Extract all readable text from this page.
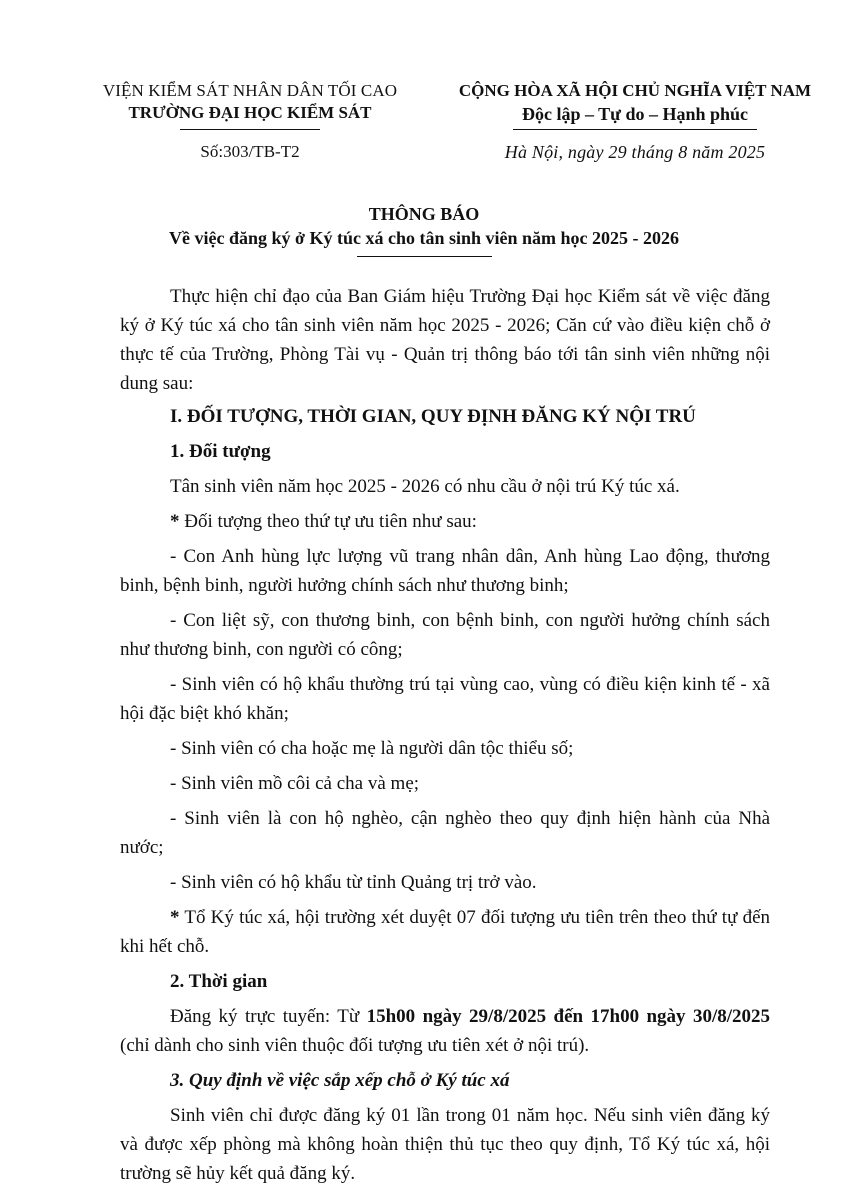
VIỆN KIỂM SÁT NHÂN DÂN TỐI CAO
TRƯỜNG ĐẠI HỌC KIỂM SÁT
Số:303/TB-T2
CỘNG HÒA XÃ HỘI CHỦ NGHĨA VIỆT NAM
Độc lập – Tự do – Hạnh phúc
Hà Nội, ngày 29 tháng 8 năm 2025
THÔNG BÁO
Về việc đăng ký ở Ký túc xá cho tân sinh viên năm học 2025 - 2026

Thực hiện chỉ đạo của Ban Giám hiệu Trường Đại học Kiểm sát về việc đăng ký ở Ký túc xá cho tân sinh viên năm học 2025 - 2026; Căn cứ vào điều kiện chỗ ở thực tế của Trường, Phòng Tài vụ - Quản trị thông báo tới tân sinh viên những nội dung sau:

I. ĐỐI TƯỢNG, THỜI GIAN, QUY ĐỊNH ĐĂNG KÝ NỘI TRÚ

1. Đối tượng

Tân sinh viên năm học 2025 - 2026 có nhu cầu ở nội trú Ký túc xá.

* Đối tượng theo thứ tự ưu tiên như sau:

- Con Anh hùng lực lượng vũ trang nhân dân, Anh hùng Lao động, thương binh, bệnh binh, người hưởng chính sách như thương binh;

- Con liệt sỹ, con thương binh, con bệnh binh, con người hưởng chính sách như thương binh, con người có công;

- Sinh viên có hộ khẩu thường trú tại vùng cao, vùng có điều kiện kinh tế - xã hội đặc biệt khó khăn;

- Sinh viên có cha hoặc mẹ là người dân tộc thiểu số;

- Sinh viên mồ côi cả cha và mẹ;

- Sinh viên là con hộ nghèo, cận nghèo theo quy định hiện hành của Nhà nước;

- Sinh viên có hộ khẩu từ tỉnh Quảng trị trở vào.

* Tổ Ký túc xá, hội trường xét duyệt 07 đối tượng ưu tiên trên theo thứ tự đến khi hết chỗ.

2. Thời gian

Đăng ký trực tuyến: Từ 15h00 ngày 29/8/2025 đến 17h00 ngày 30/8/2025 (chỉ dành cho sinh viên thuộc đối tượng ưu tiên xét ở nội trú).

3. Quy định về việc sắp xếp chỗ ở Ký túc xá

Sinh viên chỉ được đăng ký 01 lần trong 01 năm học. Nếu sinh viên đăng ký và được xếp phòng mà không hoàn thiện thủ tục theo quy định, Tổ Ký túc xá, hội trường sẽ hủy kết quả đăng ký.
